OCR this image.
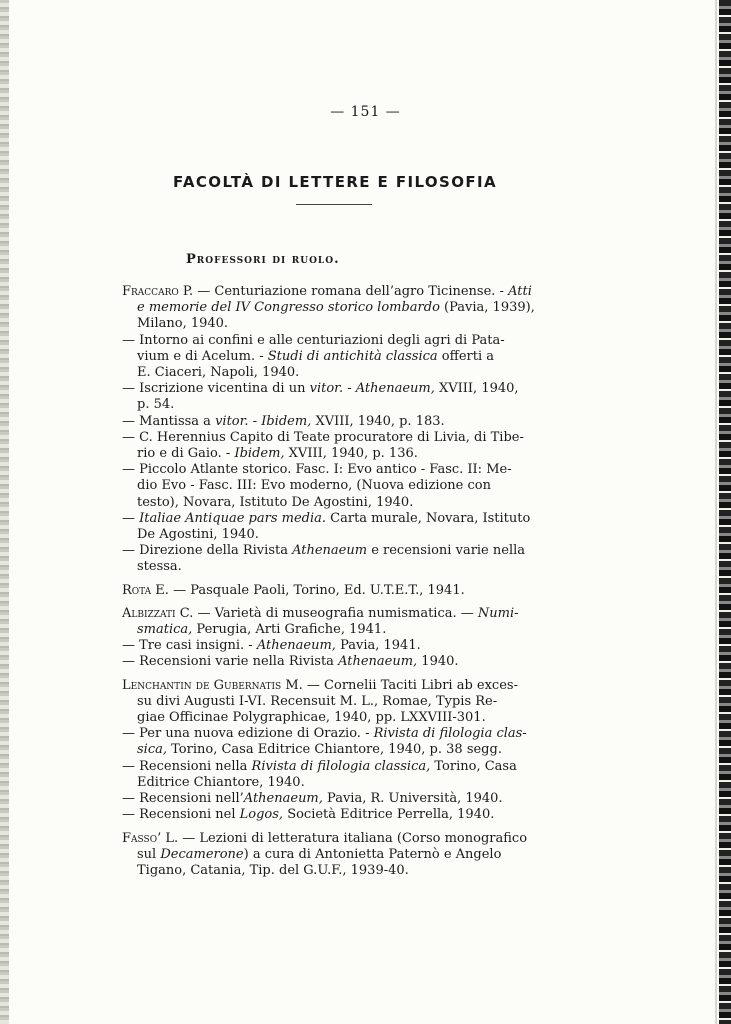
— 151 —
FACOLTÀ DI LETTERE E FILOSOFIA
Professori di ruolo.
Fraccaro P. — Centuriazione romana dell’agro Ticinense. - Atti
e memorie del IV Congresso storico lombardo (Pavia, 1939),
Milano, 1940.
— Intorno ai confini e alle centuriazioni degli agri di Pata-
vium e di Acelum. - Studi di antichità classica offerti a
E. Ciaceri, Napoli, 1940.
— Iscrizione vicentina di un vitor. - Athenaeum, XVIII, 1940,
p. 54.
— Mantissa a vitor. - Ibidem, XVIII, 1940, p. 183.
— C. Herennius Capito di Teate procuratore di Livia, di Tibe-
rio e di Gaio. - Ibidem, XVIII, 1940, p. 136.
— Piccolo Atlante storico. Fasc. I: Evo antico - Fasc. II: Me-
dio Evo - Fasc. III: Evo moderno, (Nuova edizione con
testo), Novara, Istituto De Agostini, 1940.
— Italiae Antiquae pars media. Carta murale, Novara, Istituto
De Agostini, 1940.
— Direzione della Rivista Athenaeum e recensioni varie nella
stessa.
Rota E. — Pasquale Paoli, Torino, Ed. U.T.E.T., 1941.
Albizzati C. — Varietà di museografia numismatica. — Numi-
smatica, Perugia, Arti Grafiche, 1941.
— Tre casi insigni. - Athenaeum, Pavia, 1941.
— Recensioni varie nella Rivista Athenaeum, 1940.
Lenchantin de Gubernatis M. — Cornelii Taciti Libri ab exces-
su divi Augusti I-VI. Recensuit M. L., Romae, Typis Re-
giae Officinae Polygraphicae, 1940, pp. LXXVIII-301.
— Per una nuova edizione di Orazio. - Rivista di filologia clas-
sica, Torino, Casa Editrice Chiantore, 1940, p. 38 segg.
— Recensioni nella Rivista di filologia classica, Torino, Casa
Editrice Chiantore, 1940.
— Recensioni nell’Athenaeum, Pavia, R. Università, 1940.
— Recensioni nel Logos, Società Editrice Perrella, 1940.
Fasso’ L. — Lezioni di letteratura italiana (Corso monografico
sul Decamerone) a cura di Antonietta Paternò e Angelo
Tigano, Catania, Tip. del G.U.F., 1939-40.
